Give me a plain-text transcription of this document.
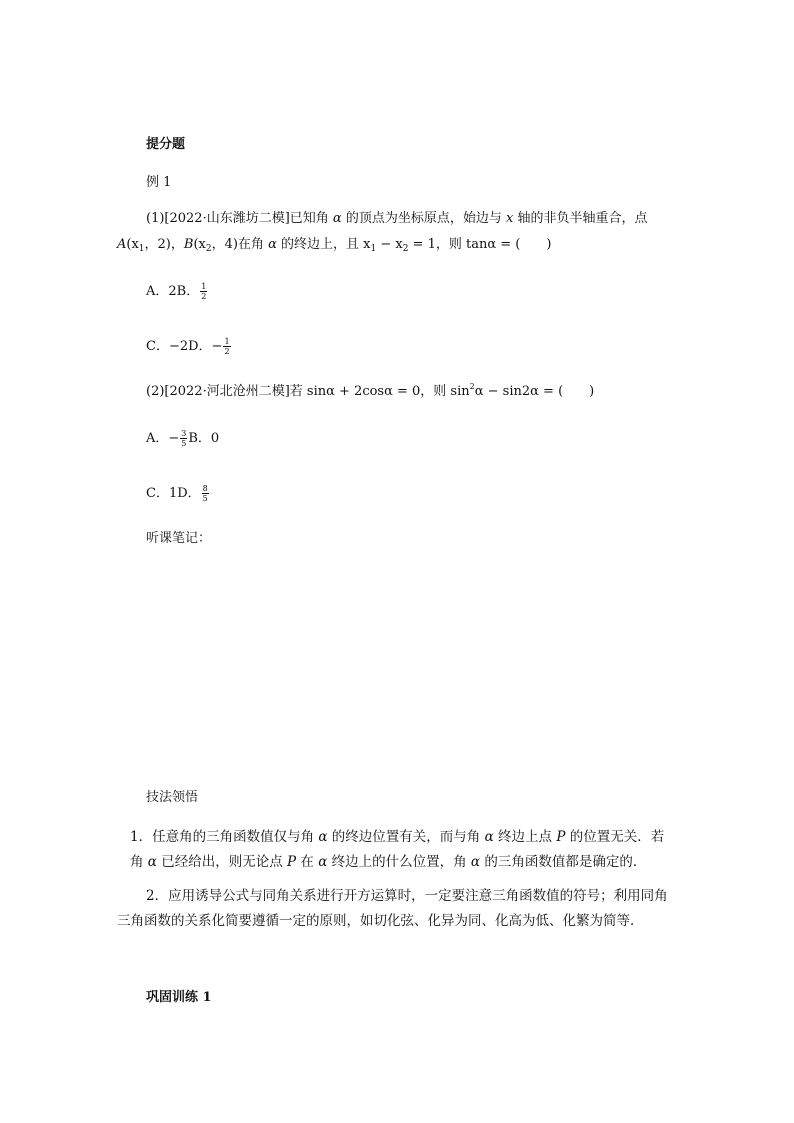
提分题
例 1
(1)[2022·山东潍坊二模]已知角 α 的顶点为坐标原点，始边与 x 轴的非负半轴重合，点
$A(x_1$，2)，$B(x_2$，4)在角 α 的终边上，且 $x_1 - x_2 = 1$，则 tanα = (　　)
A．2B． $\frac{1}{2}$
C．−2D．− $\frac{1}{2}$
(2)[2022·河北沧州二模]若 sinα + 2cosα = 0，则 $\sin^2\alpha - \sin 2\alpha$ = (　　)
A．− $\frac{3}{5}$ B．0
C．1D． $\frac{8}{5}$
听课笔记：
技法领悟
1．任意角的三角函数值仅与角 α 的终边位置有关，而与角 α 终边上点 P 的位置无关．若
角 α 已经给出，则无论点 P 在 α 终边上的什么位置，角 α 的三角函数值都是确定的．
2．应用诱导公式与同角关系进行开方运算时，一定要注意三角函数值的符号；利用同角
三角函数的关系化简要遵循一定的原则，如切化弦、化异为同、化高为低、化繁为简等．
巩固训练 1
